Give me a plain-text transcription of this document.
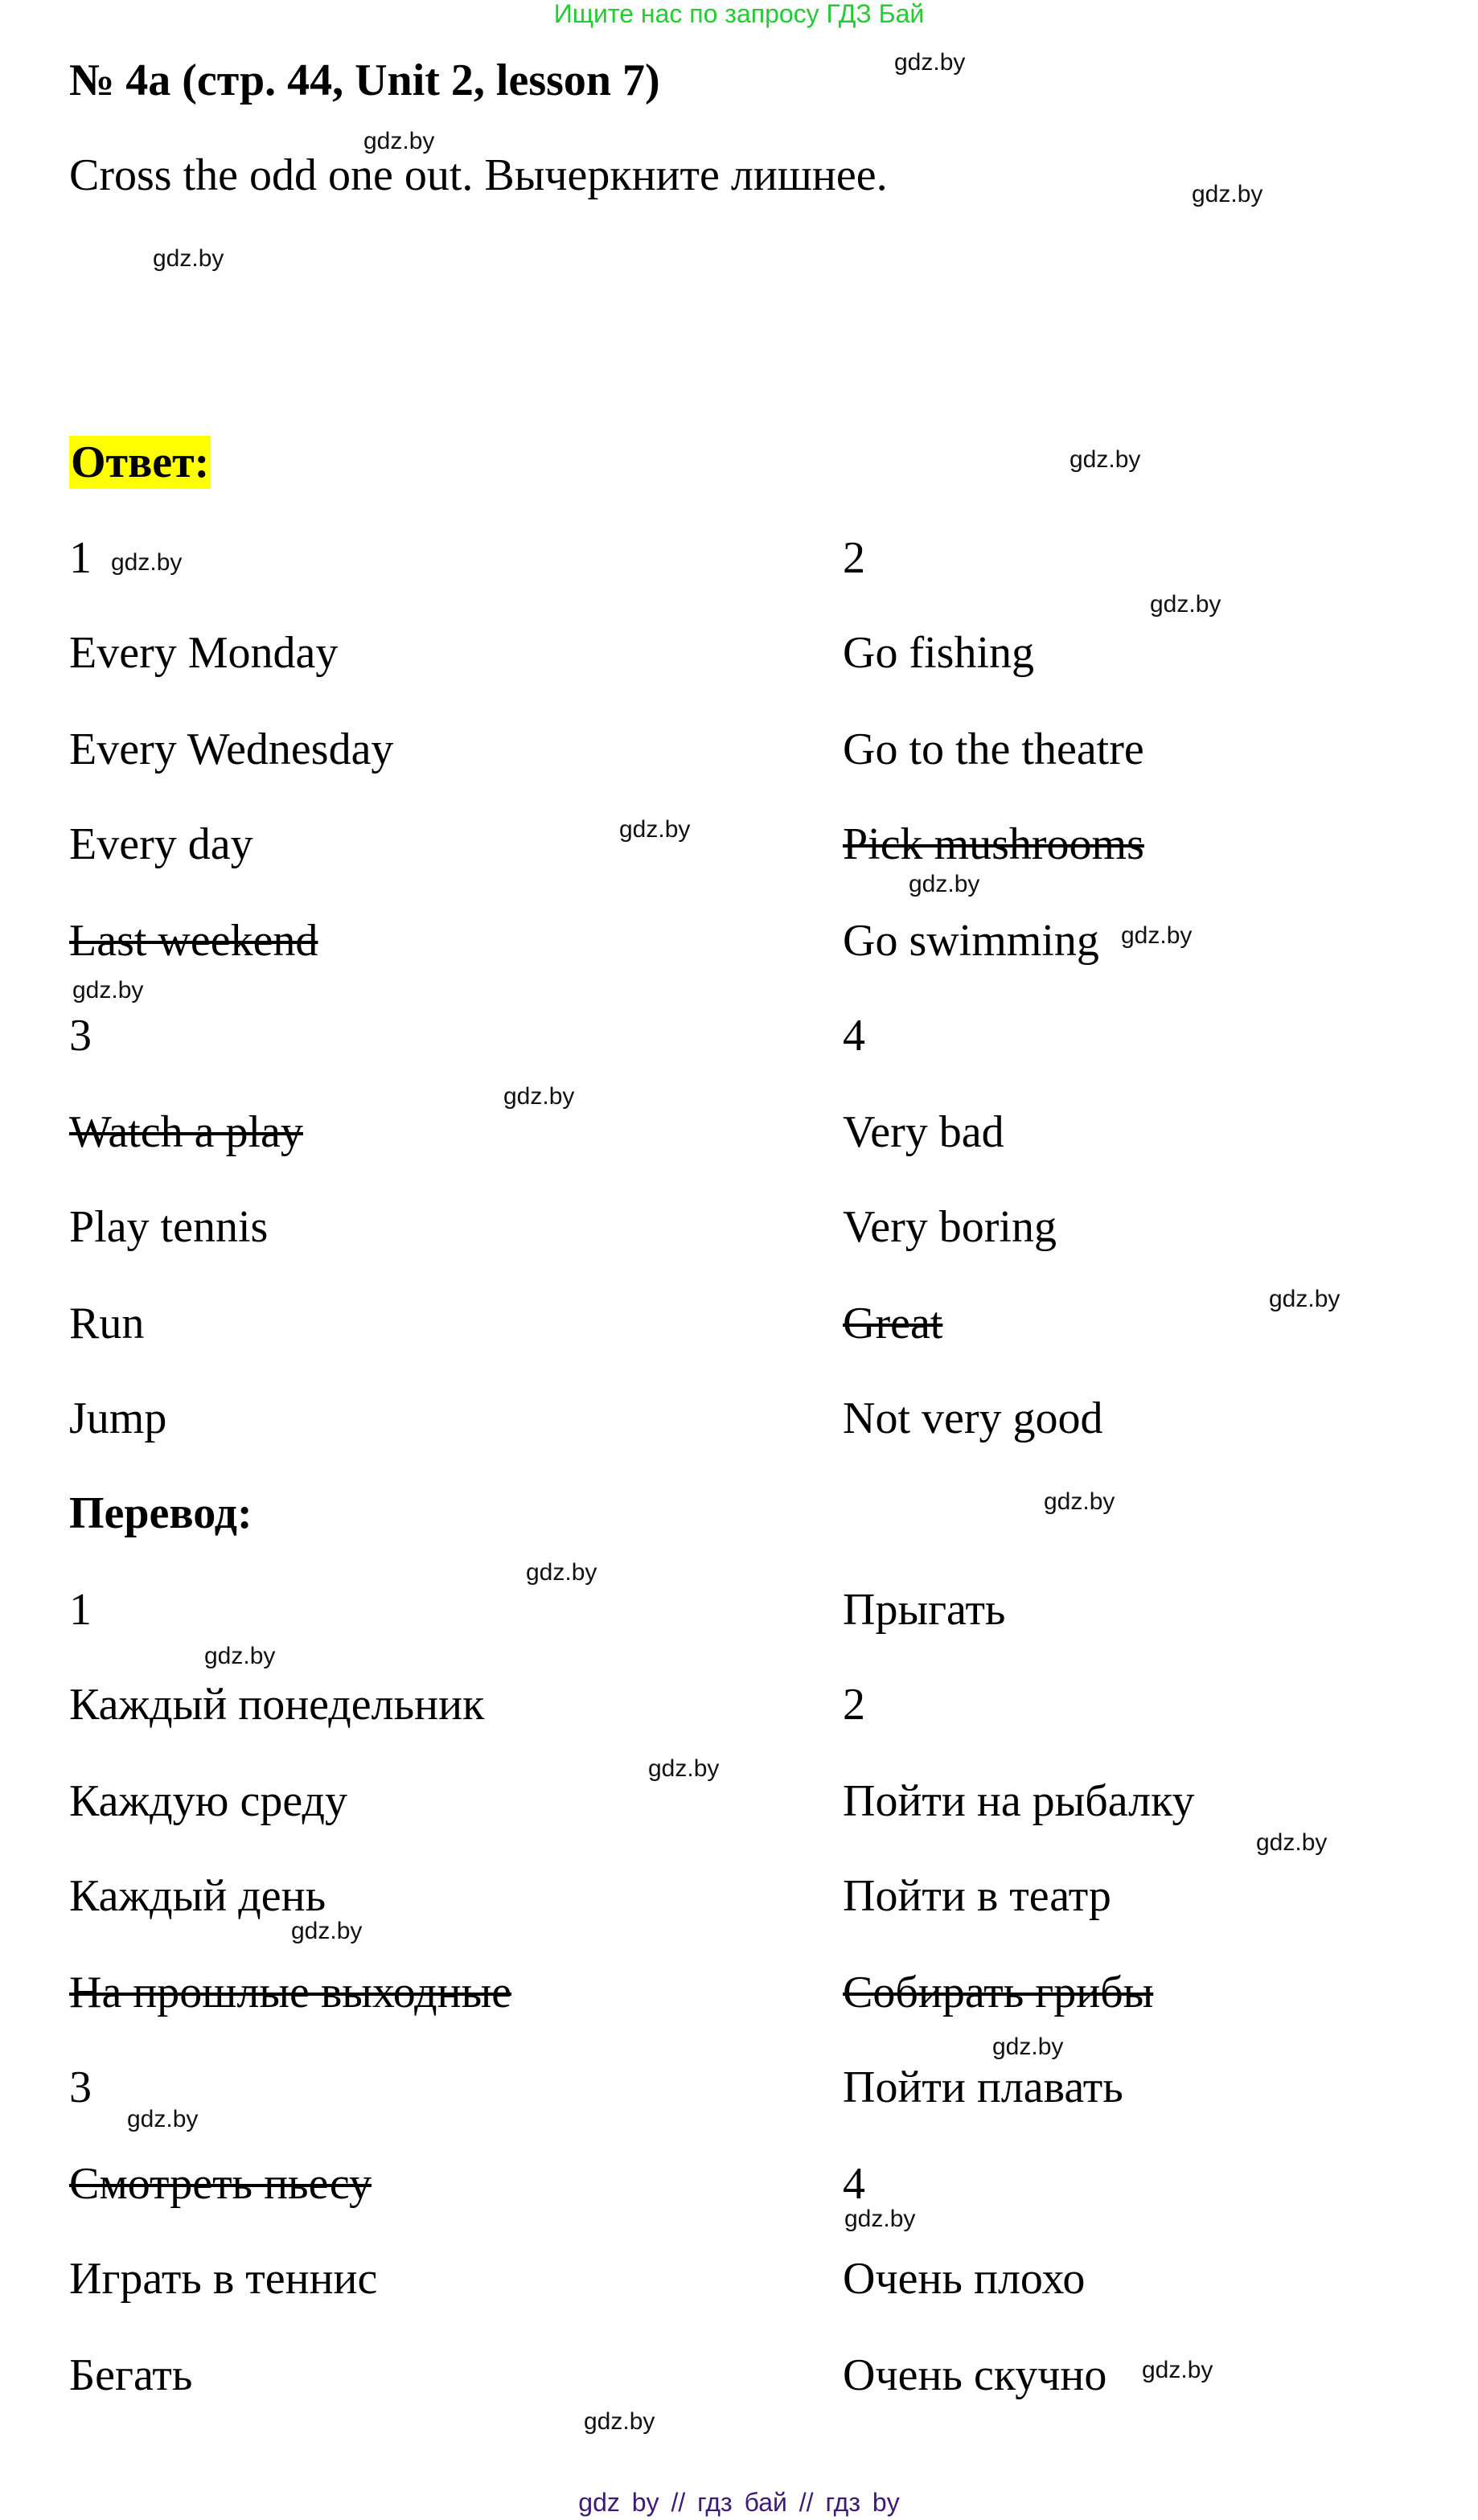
Ищите нас по запросу ГДЗ Бай
№ 4a (стр. 44, Unit 2, lesson 7)
Cross the odd one out. Вычеркните лишнее.
Ответ:
1	2
Every Monday
Every Wednesday
Every day
Last weekend
Go fishing
Go to the theatre
Pick mushrooms
Go swimming
3	4
Watch a play
Play tennis
Run
Jump
Very bad
Very boring
Great
Not very good
Перевод:
1
Каждый понедельник
Каждую среду
Каждый день
На прошлые выходные
3
Смотреть пьесу
Играть в теннис
Бегать
Прыгать
2
Пойти на рыбалку
Пойти в театр
Собирать грибы
Пойти плавать
4
Очень плохо
Очень скучно
gdz.by
gdz.by
gdz.by
gdz.by
gdz.by
gdz.by
gdz.by
gdz.by
gdz.by
gdz.by
gdz.by
gdz.by
gdz.by
gdz.by
gdz.by
gdz.by
gdz.by
gdz.by
gdz.by
gdz.by
gdz.by
gdz.by
gdz.by
gdz.by
gdz by // гдз бай // гдз by
